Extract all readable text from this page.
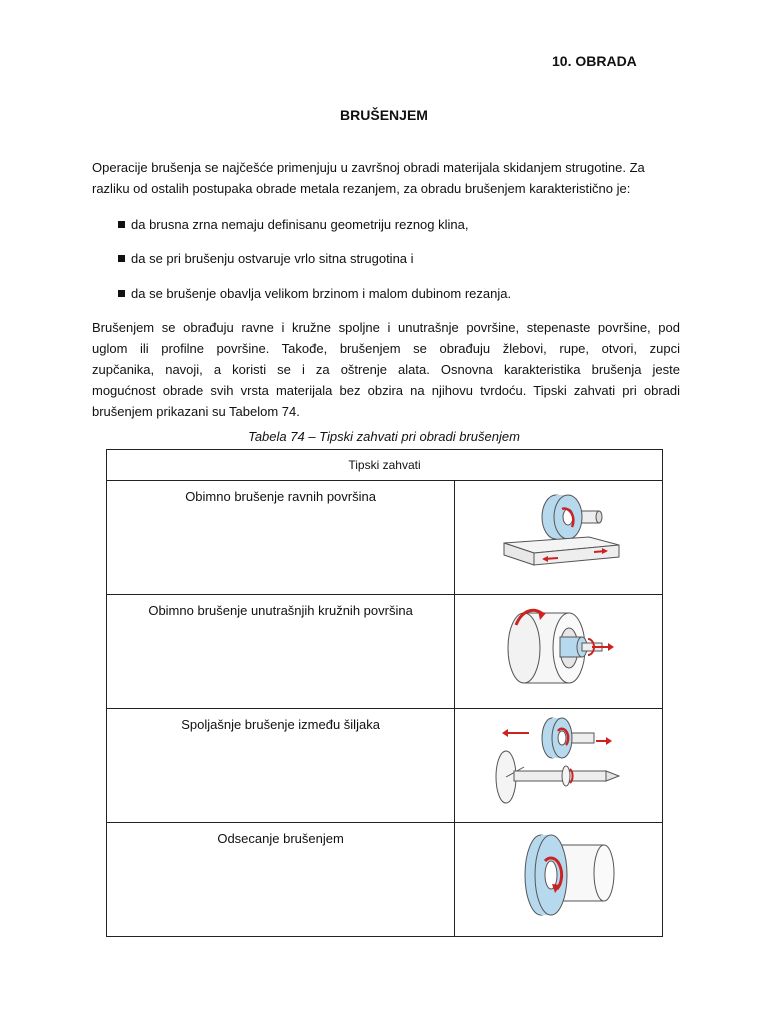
10. OBRADA
BRUŠENJEM
Operacije brušenja se najčešće primenjuju u završnoj obradi materijala skidanjem strugotine. Za
razliku od ostalih postupaka obrade metala rezanjem, za obradu brušenjem karakteristično je:
da brusna zrna nemaju definisanu geometriju reznog klina,
da se pri brušenju ostvaruje vrlo sitna strugotina i
da se brušenje obavlja velikom brzinom i malom dubinom rezanja.
Brušenjem se obrađuju ravne i kružne spoljne i unutrašnje površine, stepenaste površine, pod
uglom ili profilne površine. Takođe, brušenjem se obrađuju žlebovi, rupe, otvori, zupci
zupčanika, navoji, a koristi se i za oštrenje alata. Osnovna karakteristika brušenja jeste
mogućnost obrade svih vrsta materijala bez obzira na njihovu tvrdoću. Tipski zahvati pri obradi
brušenjem prikazani su Tabelom 74.
Tabela 74 – Tipski zahvati pri obradi brušenjem
Tipski zahvati	
Obimno brušenje ravnih površina	

Obimno brušenje unutrašnjih kružnih površina	

Spoljašnje brušenje između šiljaka	

Odsecanje brušenjem	
